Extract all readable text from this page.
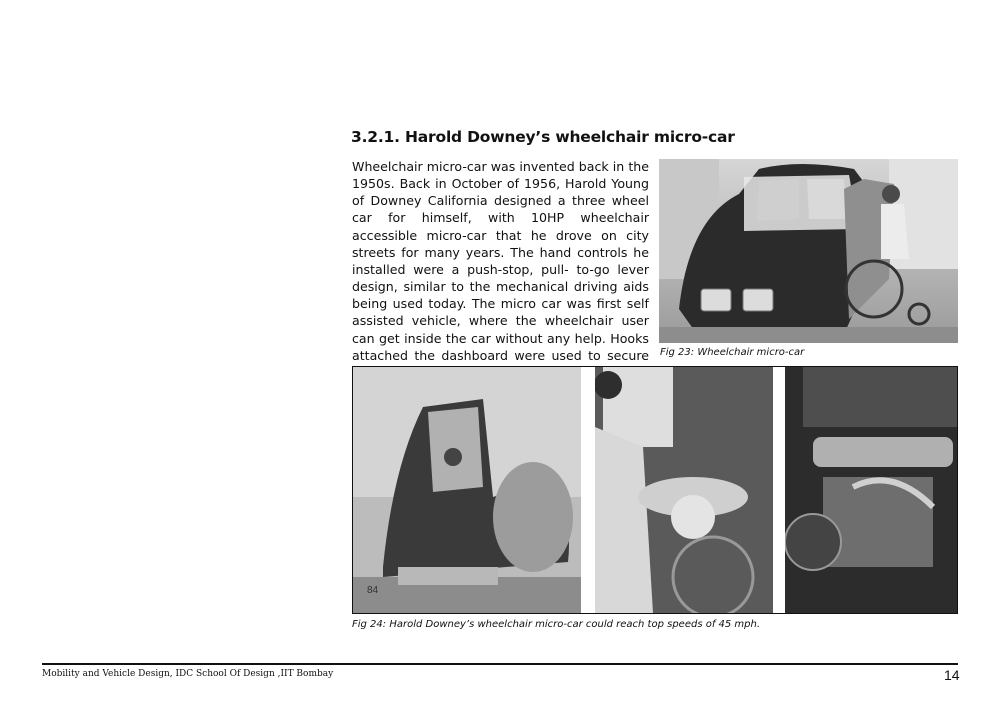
3.2.1. Harold Downey’s wheelchair micro-car

Wheelchair micro-car was invented back in the 1950s. Back in October of 1956, Harold Young of Downey California designed a three wheel car for himself, with 10HP wheelchair accessible micro-car that he drove on city streets for many years. The hand controls he installed were a push-stop, pull- to-go lever design, similar to the mechanical driving aids being used today. The micro car was first self assisted vehicle, where the wheelchair user can get inside the car without any help. Hooks attached the dashboard were used to secure Fig 23: Wheelchair micro-car
84
Fig 24: Harold Downey’s wheelchair micro-car could reach top speeds of 45 mph.
Mobility and Vehicle Design, IDC School Of Design ,IIT Bombay	14
